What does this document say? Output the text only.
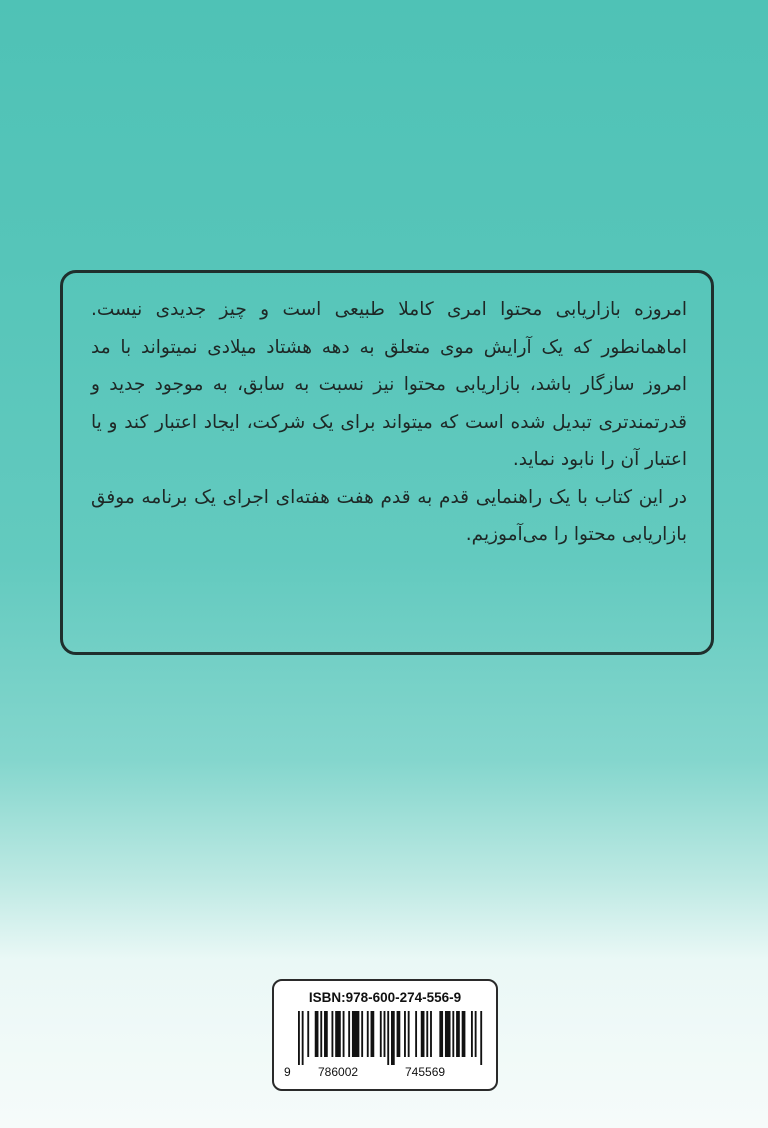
امروزه بازاریابی محتوا امری کاملا طبیعی است و چیز جدیدی نیست. اماهمانطور که یک آرایش موی متعلق به دهه هشتاد میلادی نمیتواند با مد امروز سازگار باشد، بازاریابی محتوا نیز نسبت به سابق، به موجود جدید و قدرتمندتری تبدیل شده است که میتواند برای یک شرکت، ایجاد اعتبار کند و یا اعتبار آن را نابود نماید.

در این کتاب با یک راهنمایی قدم به قدم هفت هفته‌ای اجرای یک برنامه موفق بازاریابی محتوا را می‌آموزیم.

ISBN:978-600-274-556-9
9 786002	745569
